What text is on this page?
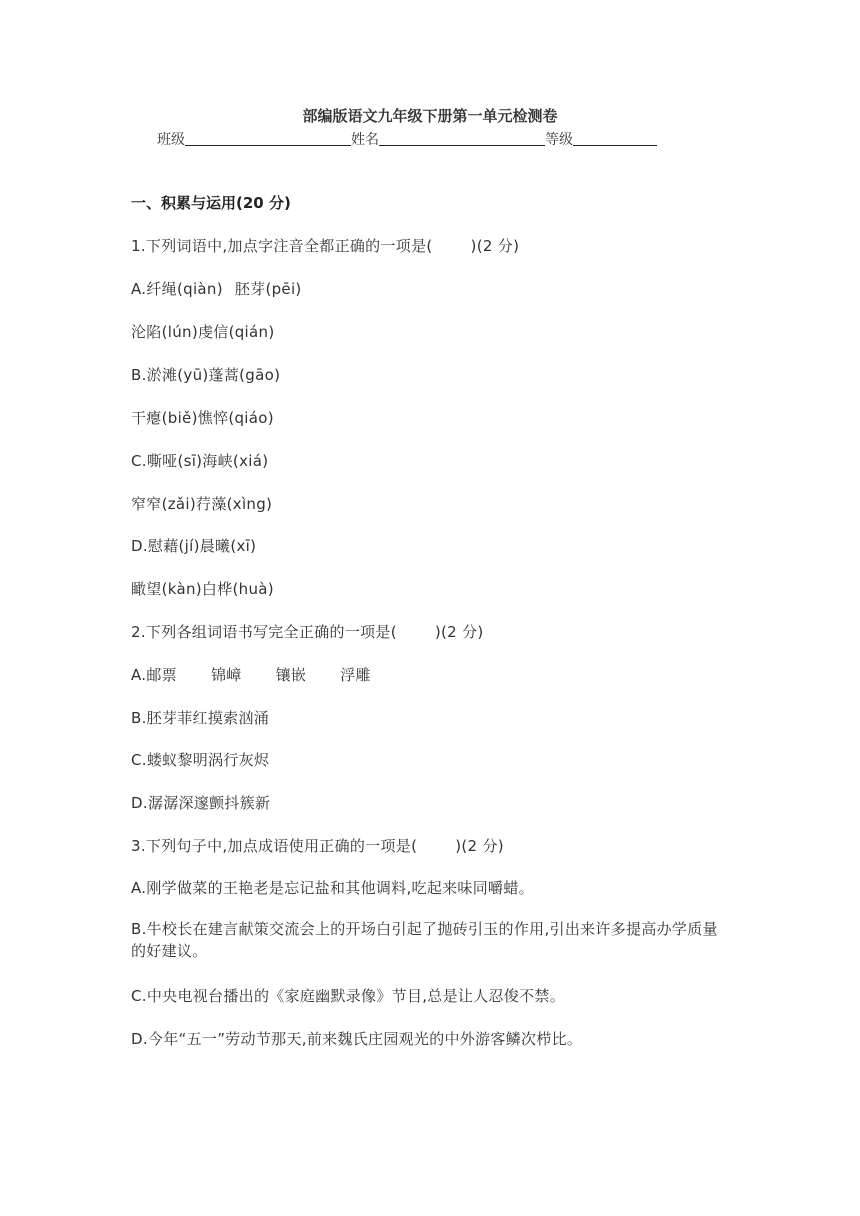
部编版语文九年级下册第一单元检测卷
班级	姓名	等级
一、积累与运用(20 分)
1.下列词语中,加点字注音全都正确的一项是(	)(2 分)
A.纤绳(qiàn) 胚芽(pēi)
沦陷(lún)虔信(qián)
B.淤滩(yū)蓬蒿(gāo)
干瘪(biě)憔悴(qiáo)
C.嘶哑(sī)海峡(xiá)
窄窄(zǎi)荇藻(xìng)
D.慰藉(jí)晨曦(xī)
瞰望(kàn)白桦(huà)
2.下列各组词语书写完全正确的一项是(	)(2 分)
A.邮票 锦嶂 镶嵌 浮雕
B.胚芽菲红摸索汹涌
C.蝼蚁黎明涡行灰烬
D.潺潺深邃颤抖簇新
3.下列句子中,加点成语使用正确的一项是(	)(2 分)
A.刚学做菜的王艳老是忘记盐和其他调料,吃起来味同嚼蜡。
B.牛校长在建言献策交流会上的开场白引起了抛砖引玉的作用,引出来许多提高办学质量的好建议。
C.中央电视台播出的《家庭幽默录像》节目,总是让人忍俊不禁。
D.今年“五一”劳动节那天,前来魏氏庄园观光的中外游客鳞次栉比。
